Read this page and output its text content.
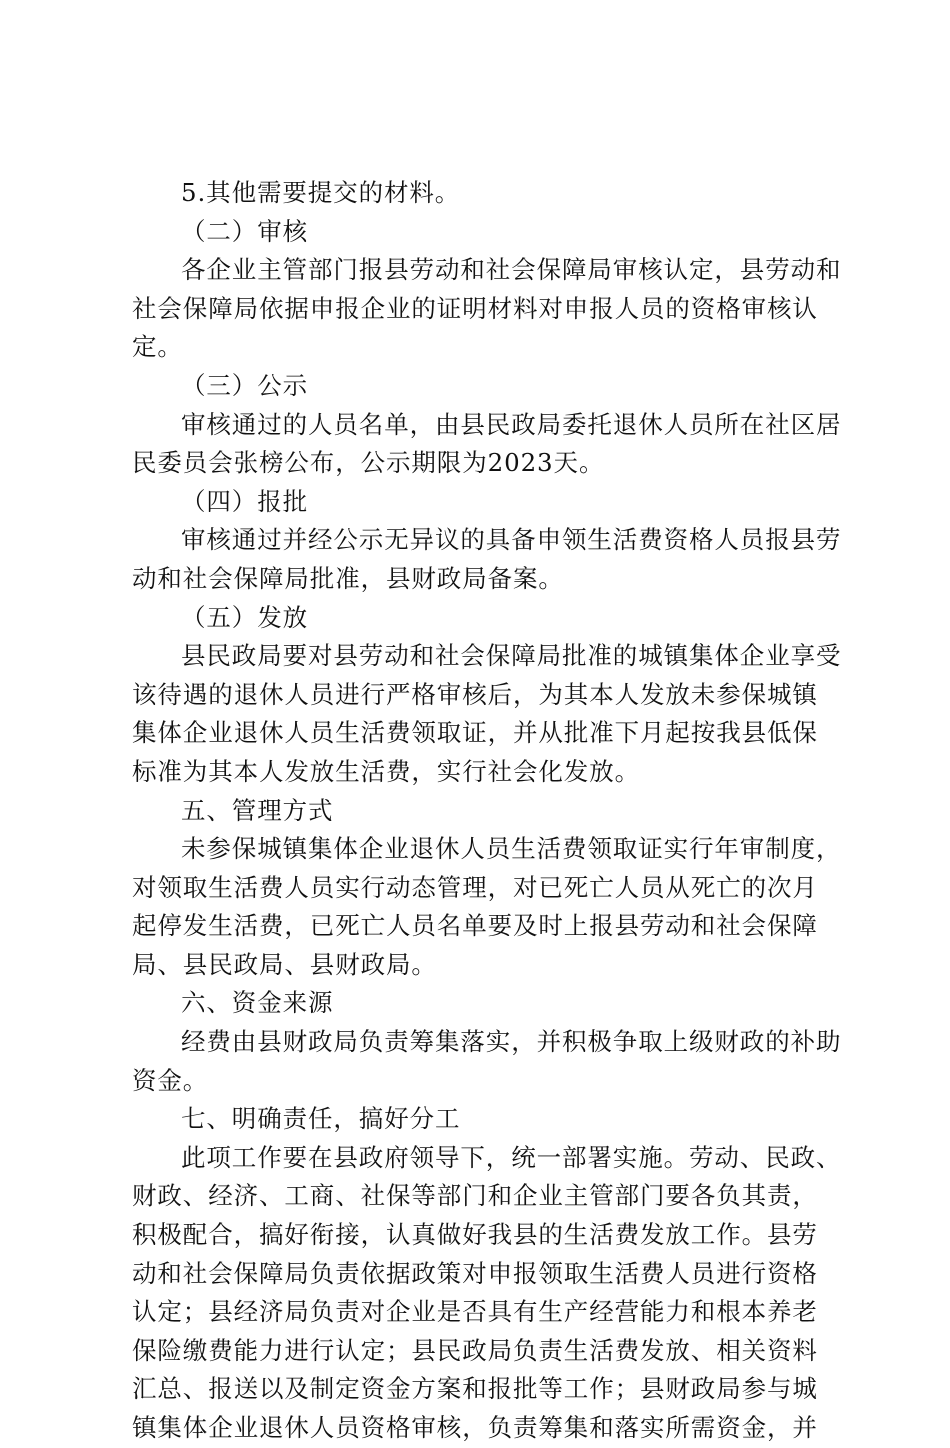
5.其他需要提交的材料。
（二）审核
各企业主管部门报县劳动和社会保障局审核认定，县劳动和
社会保障局依据申报企业的证明材料对申报人员的资格审核认
定。
（三）公示
审核通过的人员名单，由县民政局委托退休人员所在社区居
民委员会张榜公布，公示期限为2023天。
（四）报批
审核通过并经公示无异议的具备申领生活费资格人员报县劳
动和社会保障局批准，县财政局备案。
（五）发放
县民政局要对县劳动和社会保障局批准的城镇集体企业享受
该待遇的退休人员进行严格审核后，为其本人发放未参保城镇
集体企业退休人员生活费领取证，并从批准下月起按我县低保
标准为其本人发放生活费，实行社会化发放。
五、管理方式
未参保城镇集体企业退休人员生活费领取证实行年审制度，
对领取生活费人员实行动态管理，对已死亡人员从死亡的次月
起停发生活费，已死亡人员名单要及时上报县劳动和社会保障
局、县民政局、县财政局。
六、资金来源
经费由县财政局负责筹集落实，并积极争取上级财政的补助
资金。
七、明确责任，搞好分工
此项工作要在县政府领导下，统一部署实施。劳动、民政、
财政、经济、工商、社保等部门和企业主管部门要各负其责，
积极配合，搞好衔接，认真做好我县的生活费发放工作。县劳
动和社会保障局负责依据政策对申报领取生活费人员进行资格
认定；县经济局负责对企业是否具有生产经营能力和根本养老
保险缴费能力进行认定；县民政局负责生活费发放、相关资料
汇总、报送以及制定资金方案和报批等工作；县财政局参与城
镇集体企业退休人员资格审核，负责筹集和落实所需资金，并
